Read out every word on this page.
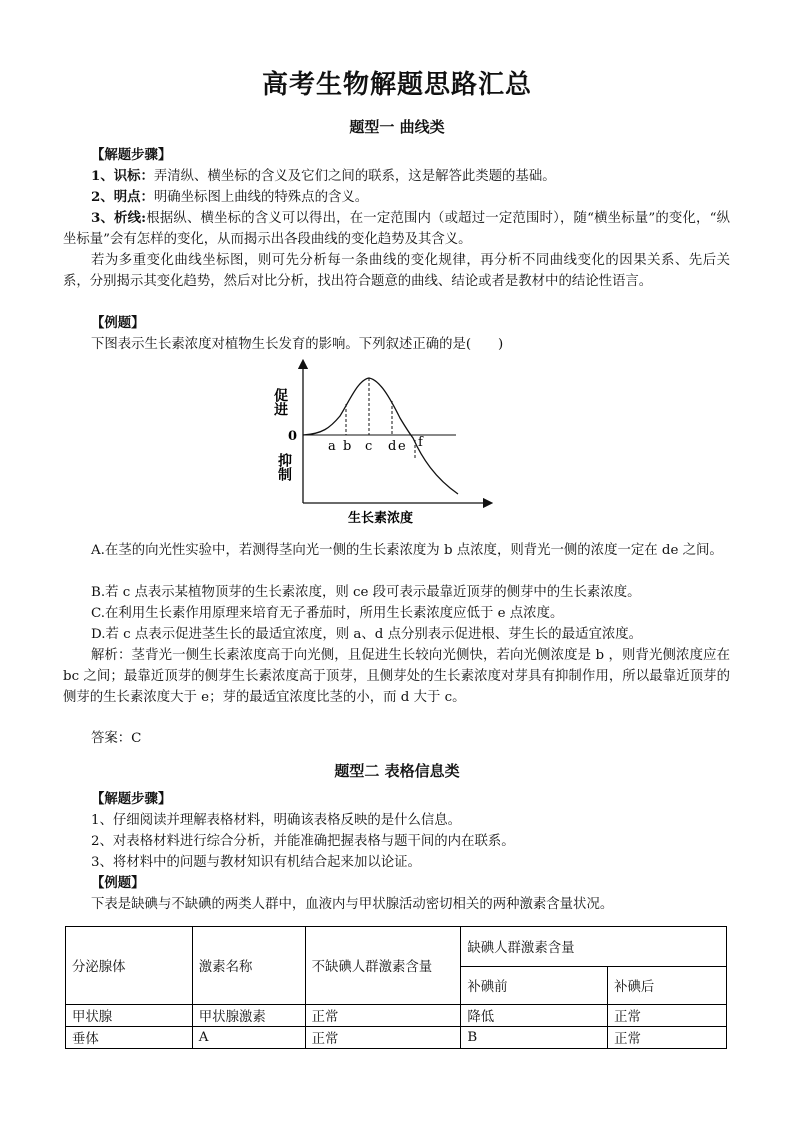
高考生物解题思路汇总
题型一 曲线类
【解题步骤】
1、识标：弄清纵、横坐标的含义及它们之间的联系，这是解答此类题的基础。
2、明点：明确坐标图上曲线的特殊点的含义。
3、析线:根据纵、横坐标的含义可以得出，在一定范围内（或超过一定范围时），随“横坐标量”的变化，“纵坐标量”会有怎样的变化，从而揭示出各段曲线的变化趋势及其含义。
若为多重变化曲线坐标图，则可先分析每一条曲线的变化规律，再分析不同曲线变化的因果关系、先后关系，分别揭示其变化趋势，然后对比分析，找出符合题意的曲线、结论或者是教材中的结论性语言。
【例题】
下图表示生长素浓度对植物生长发育的影响。下列叙述正确的是(　　)
a b c d e f
促进
0
抑制
生长素浓度
A.在茎的向光性实验中，若测得茎向光一侧的生长素浓度为 b 点浓度，则背光一侧的浓度一定在 de 之间。
B.若 c 点表示某植物顶芽的生长素浓度，则 ce 段可表示最靠近顶芽的侧芽中的生长素浓度。
C.在利用生长素作用原理来培育无子番茄时，所用生长素浓度应低于 e 点浓度。
D.若 c 点表示促进茎生长的最适宜浓度，则 a、d 点分别表示促进根、芽生长的最适宜浓度。
解析：茎背光一侧生长素浓度高于向光侧，且促进生长较向光侧快，若向光侧浓度是 b ，则背光侧浓度应在 bc 之间；最靠近顶芽的侧芽生长素浓度高于顶芽，且侧芽处的生长素浓度对芽具有抑制作用，所以最靠近顶芽的侧芽的生长素浓度大于 e；芽的最适宜浓度比茎的小，而 d 大于 c。
答案：C
题型二 表格信息类
【解题步骤】
1、仔细阅读并理解表格材料，明确该表格反映的是什么信息。
2、对表格材料进行综合分析，并能准确把握表格与题干间的内在联系。
3、将材料中的问题与教材知识有机结合起来加以论证。
【例题】
下表是缺碘与不缺碘的两类人群中，血液内与甲状腺活动密切相关的两种激素含量状况。
分泌腺体	激素名称	不缺碘人群激素含量	缺碘人群激素含量	
			补碘前	补碘后
甲状腺	甲状腺激素	正常	降低	正常
垂体	A	正常	B	正常
